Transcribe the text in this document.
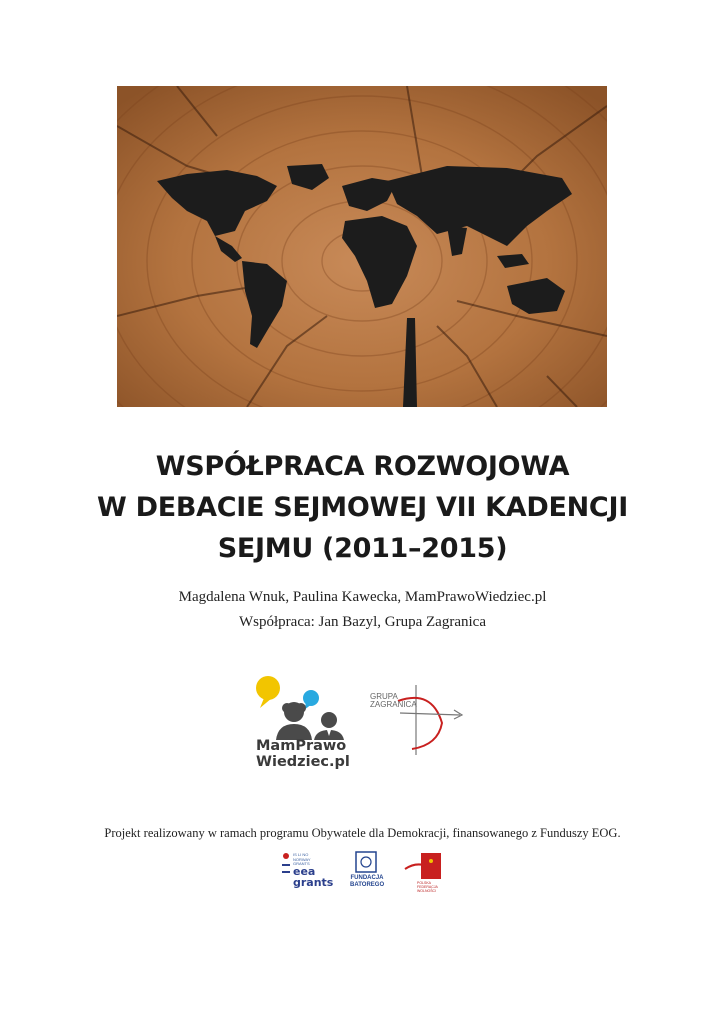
WSPÓŁPRACA ROZWOJOWA
W DEBACIE SEJMOWEJ VII KADENCJI
SEJMU (2011–2015)

Magdalena Wnuk, Paulina Kawecka, MamPrawoWiedziec.pl

Współpraca: Jan Bazyl, Grupa Zagranica

MamPrawo
Wiedziec.pl
GRUPA
ZAGRANICA

Projekt realizowany w ramach programu Obywatele dla Demokracji, finansowanego z Funduszy EOG.

IS LI NO
NORWAY
GRANTS
eea
grants	FUNDACJA
BATOREGO	POLSKA FEDERACJA
WOLNOŚCI
